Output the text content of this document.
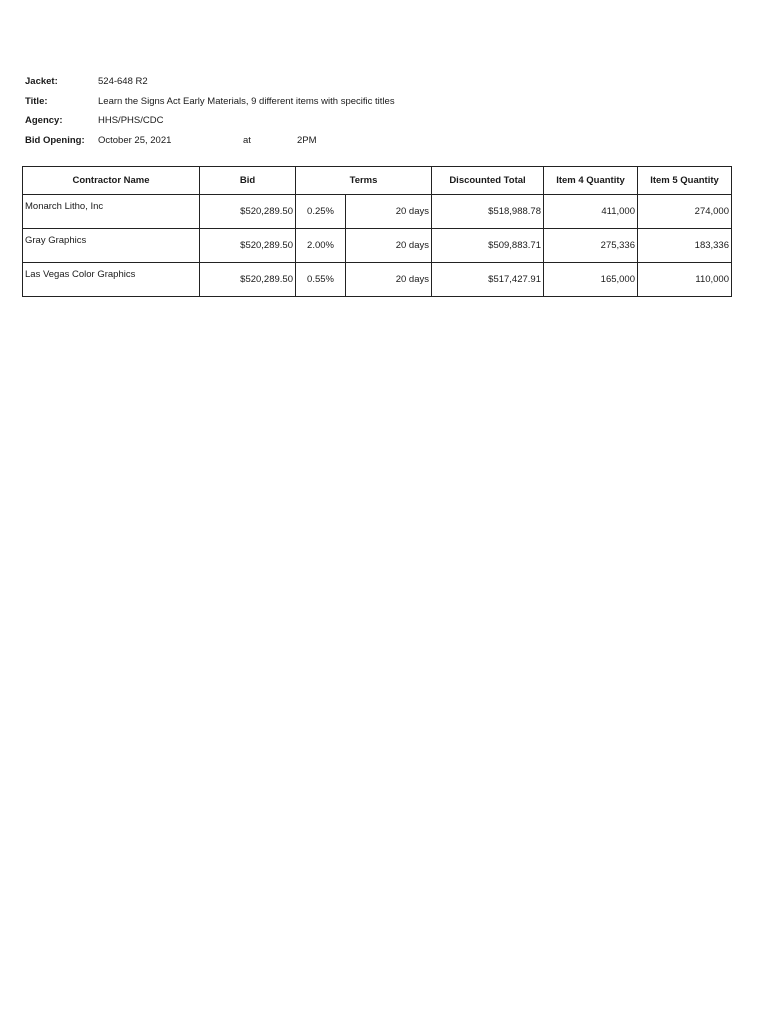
Jacket:	524-648 R2
Title:	Learn the Signs Act Early Materials, 9 different items with specific titles
Agency:	HHS/PHS/CDC
Bid Opening:	October 25, 2021	at	2PM
Contractor Name	Bid	Terms		Discounted Total	Item 4 Quantity	Item 5 Quantity
Monarch Litho, Inc	$520,289.50	0.25%	20 days	$518,988.78	411,000	274,000
Gray Graphics	$520,289.50	2.00%	20 days	$509,883.71	275,336	183,336
Las Vegas Color Graphics	$520,289.50	0.55%	20 days	$517,427.91	165,000	110,000
